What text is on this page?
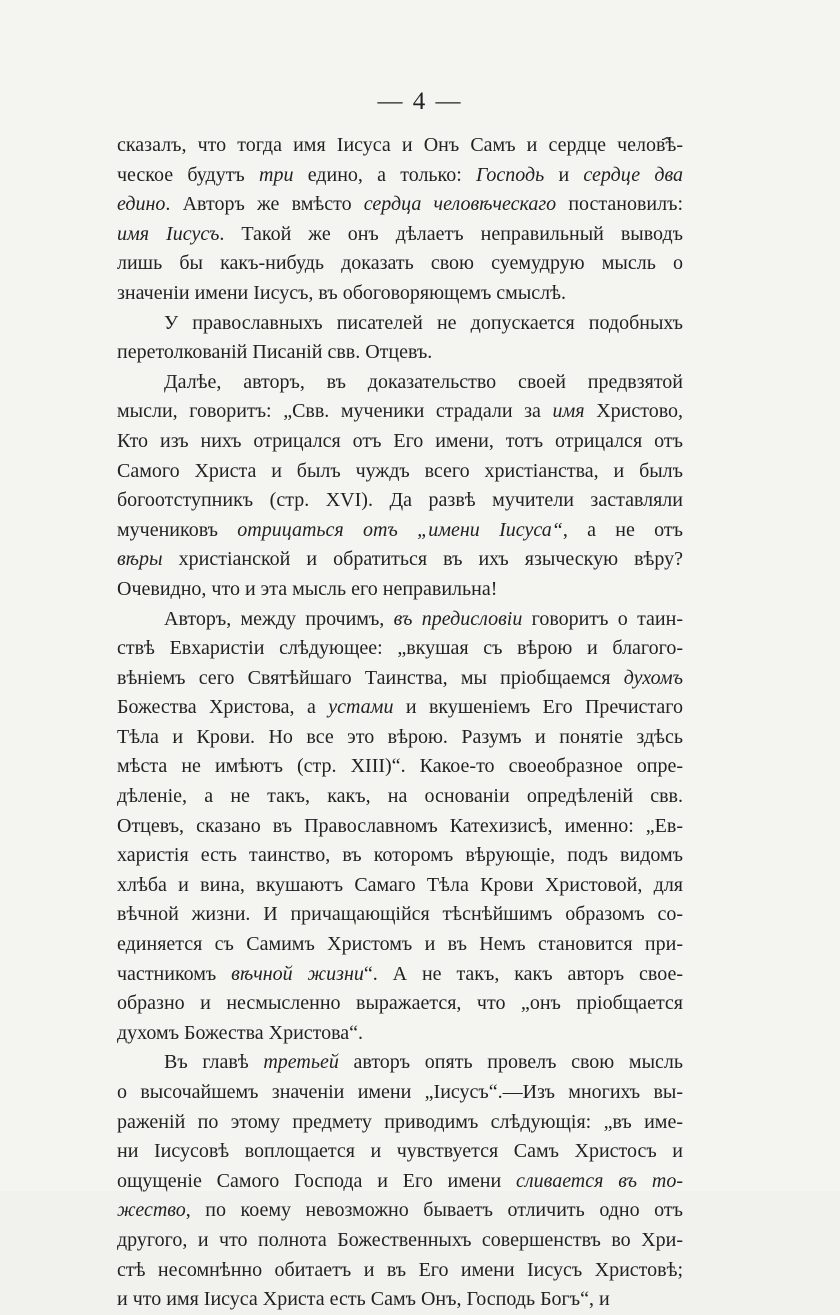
— 4 —
сказалъ, что тогда имя Іисуса и Онъ Самъ и сердце челов҄ѣ-
ческое будутъ три едино, а только: Господь и сердце два
едино. Авторъ же вмѣсто сердца человѣческаго постановилъ:
имя Іисусъ. Такой же онъ дѣлаетъ неправильный выводъ
лишь бы какъ-нибудь доказать свою суемудрую мысль о
значеніи имени Іисусъ, въ обоговоряющемъ смыслѣ.
У православныхъ писателей не допускается подобныхъ
перетолкованій Писаній свв. Отцевъ.
Далѣе, авторъ, въ доказательство своей предвзятой
мысли, говоритъ: „Свв. мученики страдали за имя Христово,
Кто изъ нихъ отрицался отъ Его имени, тотъ отрицался отъ
Самого Христа и былъ чуждъ всего христіанства, и былъ
богоотступникъ (стр. XVI). Да развѣ мучители заставляли
мучениковъ отрицаться отъ „имени Іисуса“, а не отъ
вѣры христіанской и обратиться въ ихъ языческую вѣру?
Очевидно, что и эта мысль его неправильна!
Авторъ, между прочимъ, въ предисловіи говоритъ о таин-
ствѣ Евхаристіи слѣдующее: „вкушая съ вѣрою и благого-
вѣніемъ сего Святѣйшаго Таинства, мы пріобщаемся духомъ
Божества Христова, а устами и вкушеніемъ Его Пречистаго
Тѣла и Крови. Но все это вѣрою. Разумъ и понятіе здѣсь
мѣста не имѣютъ (стр. XIII)“. Какое-то своеобразное опре-
дѣленіе, а не такъ, какъ, на основаніи опредѣленій свв.
Отцевъ, сказано въ Православномъ Катехизисѣ, именно: „Ев-
харистія есть таинство, въ которомъ вѣрующіе, подъ видомъ
хлѣба и вина, вкушаютъ Самаго Тѣла Крови Христовой, для
вѣчной жизни. И причащающійся тѣснѣйшимъ образомъ со-
единяется съ Самимъ Христомъ и въ Немъ становится при-
частникомъ вѣчной жизни“. А не такъ, какъ авторъ свое-
образно и несмысленно выражается, что „онъ пріобщается
духомъ Божества Христова“.
Въ главѣ третьей авторъ опять провелъ свою мысль
о высочайшемъ значеніи имени „Іисусъ“.—Изъ многихъ вы-
раженій по этому предмету приводимъ слѣдующія: „въ име-
ни Іисусовѣ воплощается и чувствуется Самъ Христосъ и
ощущеніе Самого Господа и Его имени сливается въ то-
жество, по коему невозможно бываетъ отличить одно отъ
другого, и что полнота Божественныхъ совершенствъ во Хри-
стѣ несомнѣнно обитаетъ и въ Его имени Іисусъ Христовѣ;
и что имя Іисуса Христа есть Самъ Онъ, Господь Богъ“, и
